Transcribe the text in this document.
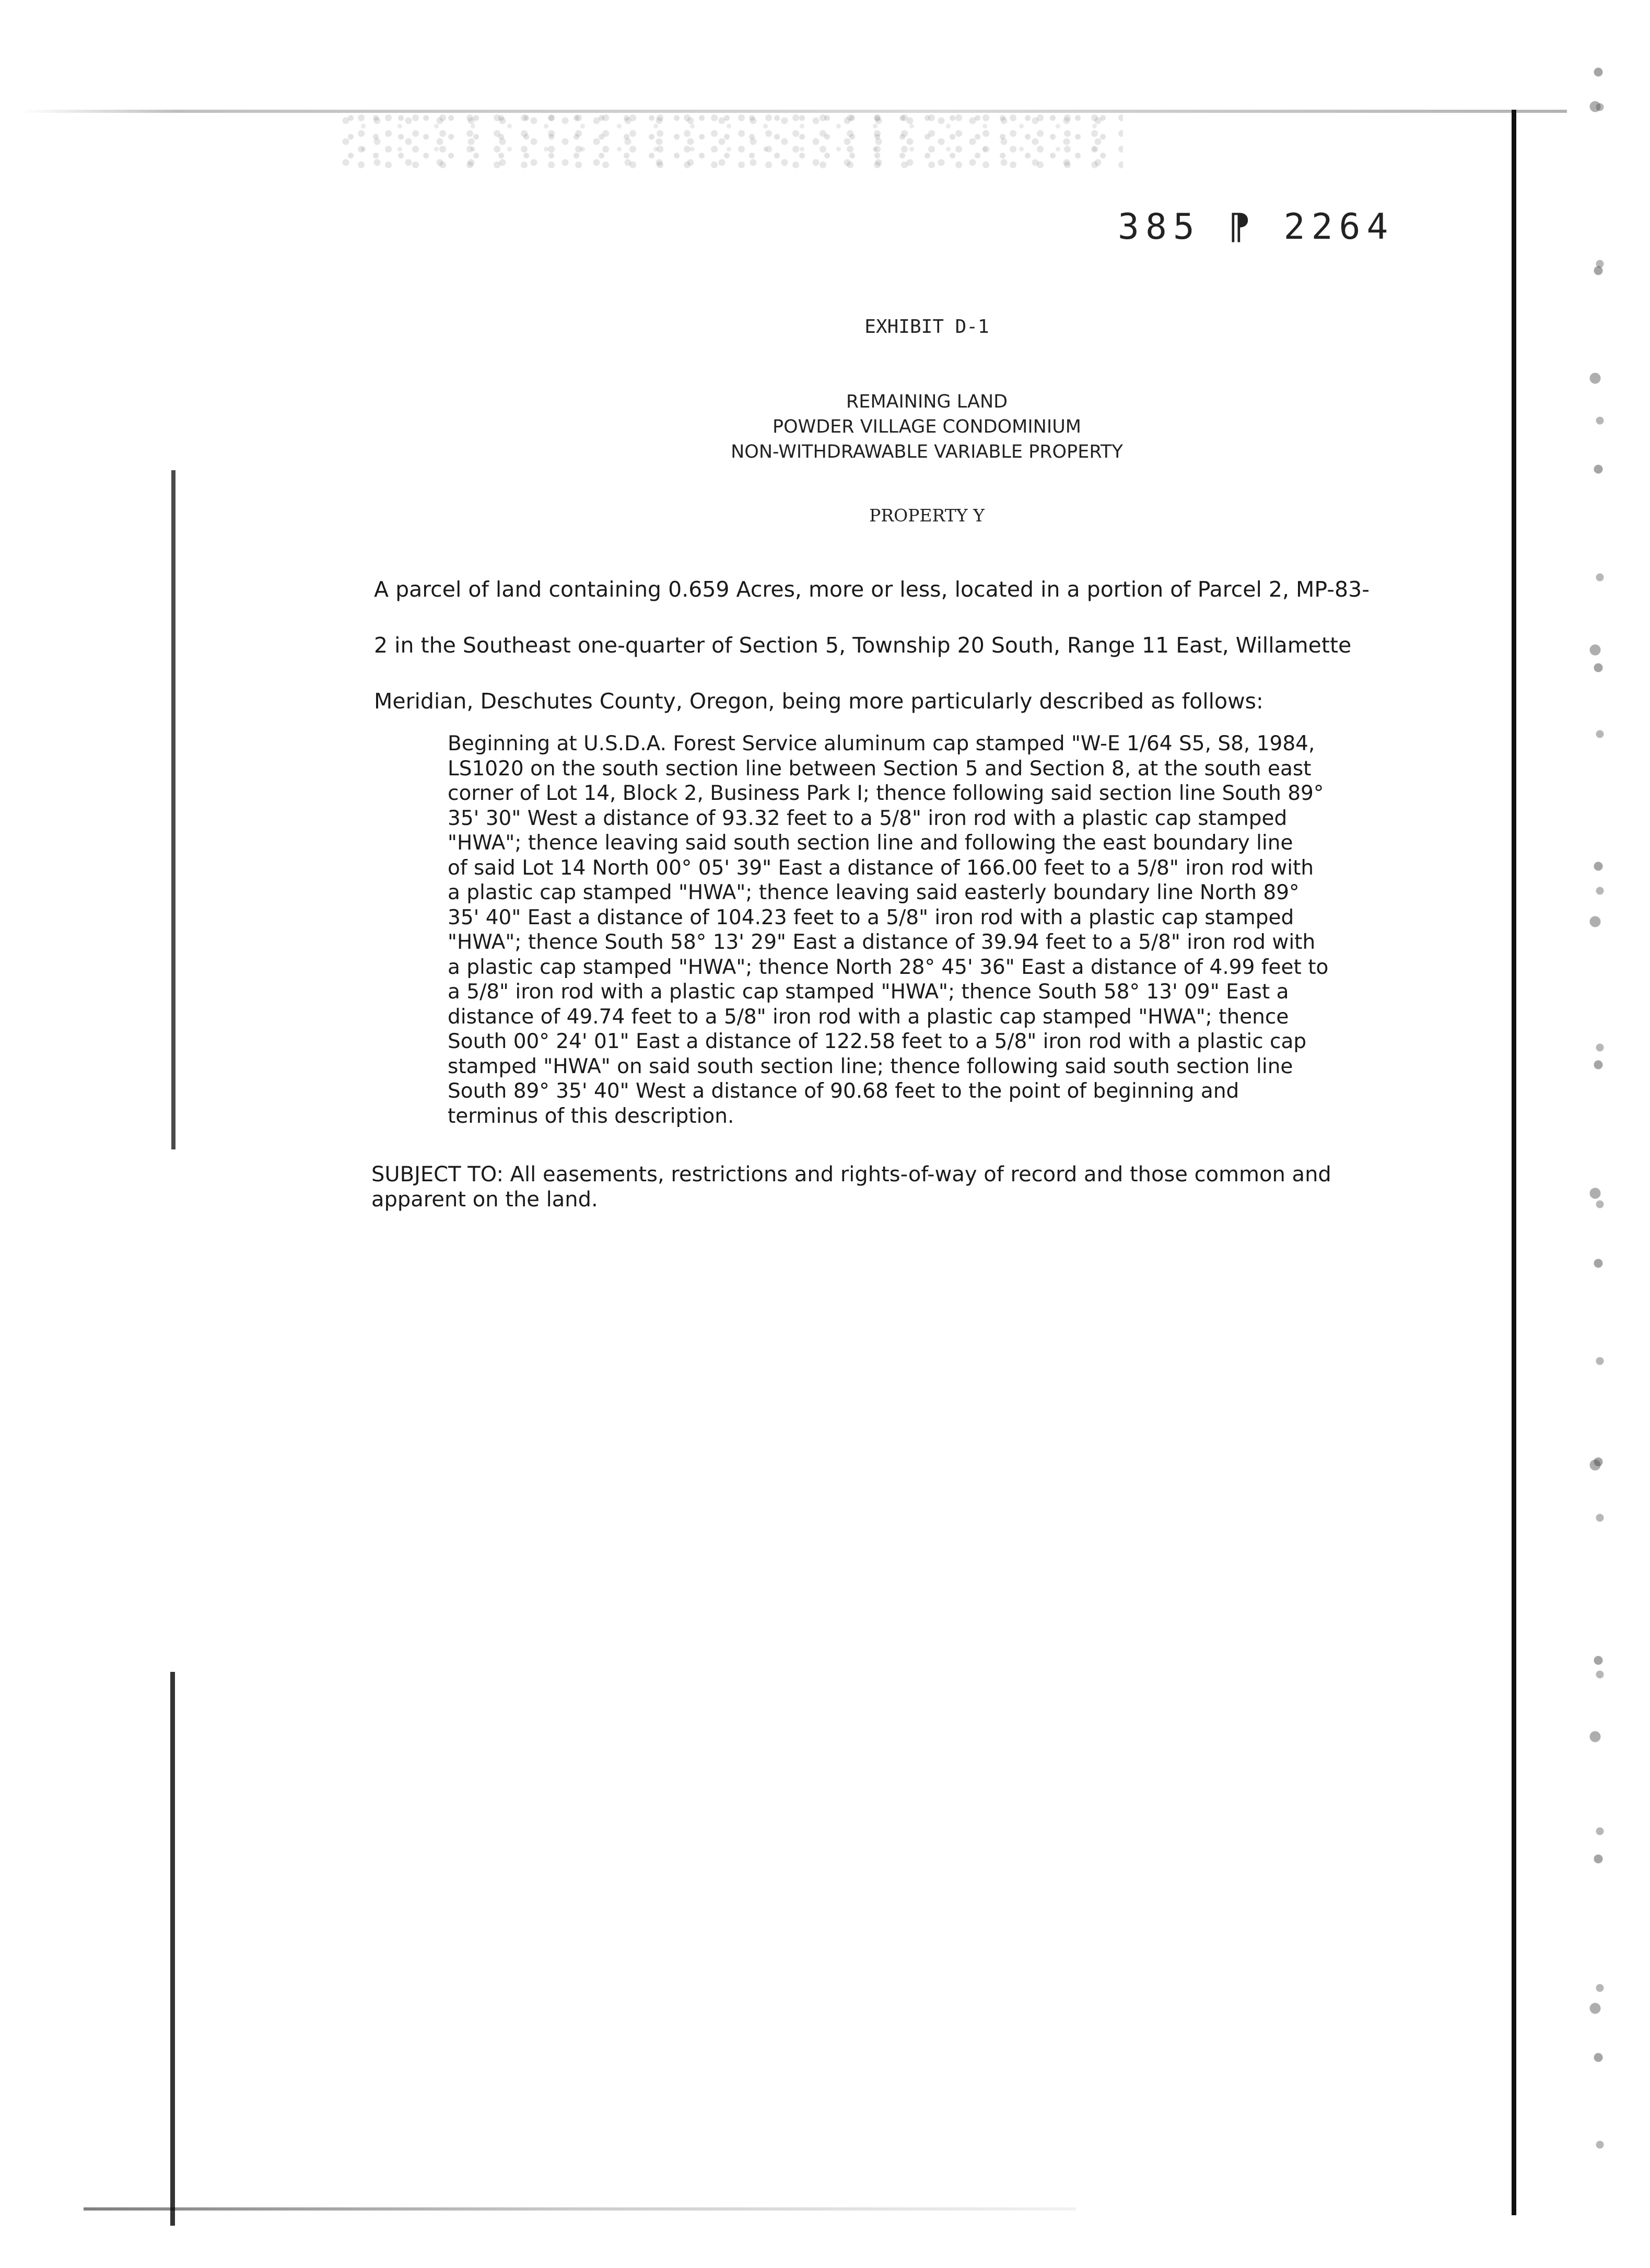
385 ⁋ 2264
EXHIBIT D-1
REMAINING LAND
POWDER VILLAGE CONDOMINIUM
NON-WITHDRAWABLE VARIABLE PROPERTY
PROPERTY Y
A parcel of land containing 0.659 Acres, more or less, located in a portion of Parcel 2, MP-83-
2 in the Southeast one-quarter of Section 5, Township 20 South, Range 11 East, Willamette
Meridian, Deschutes County, Oregon, being more particularly described as follows:
Beginning at U.S.D.A. Forest Service aluminum cap stamped "W-E 1/64 S5, S8, 1984,
LS1020 on the south section line between Section 5 and Section 8, at the south east
corner of Lot 14, Block 2, Business Park I; thence following said section line South 89°
35' 30" West a distance of 93.32 feet to a 5/8" iron rod with a plastic cap stamped
"HWA"; thence leaving said south section line and following the east boundary line
of said Lot 14 North 00° 05' 39" East a distance of 166.00 feet to a 5/8" iron rod with
a plastic cap stamped "HWA"; thence leaving said easterly boundary line North 89°
35' 40" East a distance of 104.23 feet to a 5/8" iron rod with a plastic cap stamped
"HWA"; thence South 58° 13' 29" East a distance of 39.94 feet to a 5/8" iron rod with
a plastic cap stamped "HWA"; thence North 28° 45' 36" East a distance of 4.99 feet to
a 5/8" iron rod with a plastic cap stamped "HWA"; thence South 58° 13' 09" East a
distance of 49.74 feet to a 5/8" iron rod with a plastic cap stamped "HWA"; thence
South 00° 24' 01" East a distance of 122.58 feet to a 5/8" iron rod with a plastic cap
stamped "HWA" on said south section line; thence following said south section line
South 89° 35' 40" West a distance of 90.68 feet to the point of beginning and
terminus of this description.
SUBJECT TO: All easements, restrictions and rights-of-way of record and those common and
apparent on the land.
